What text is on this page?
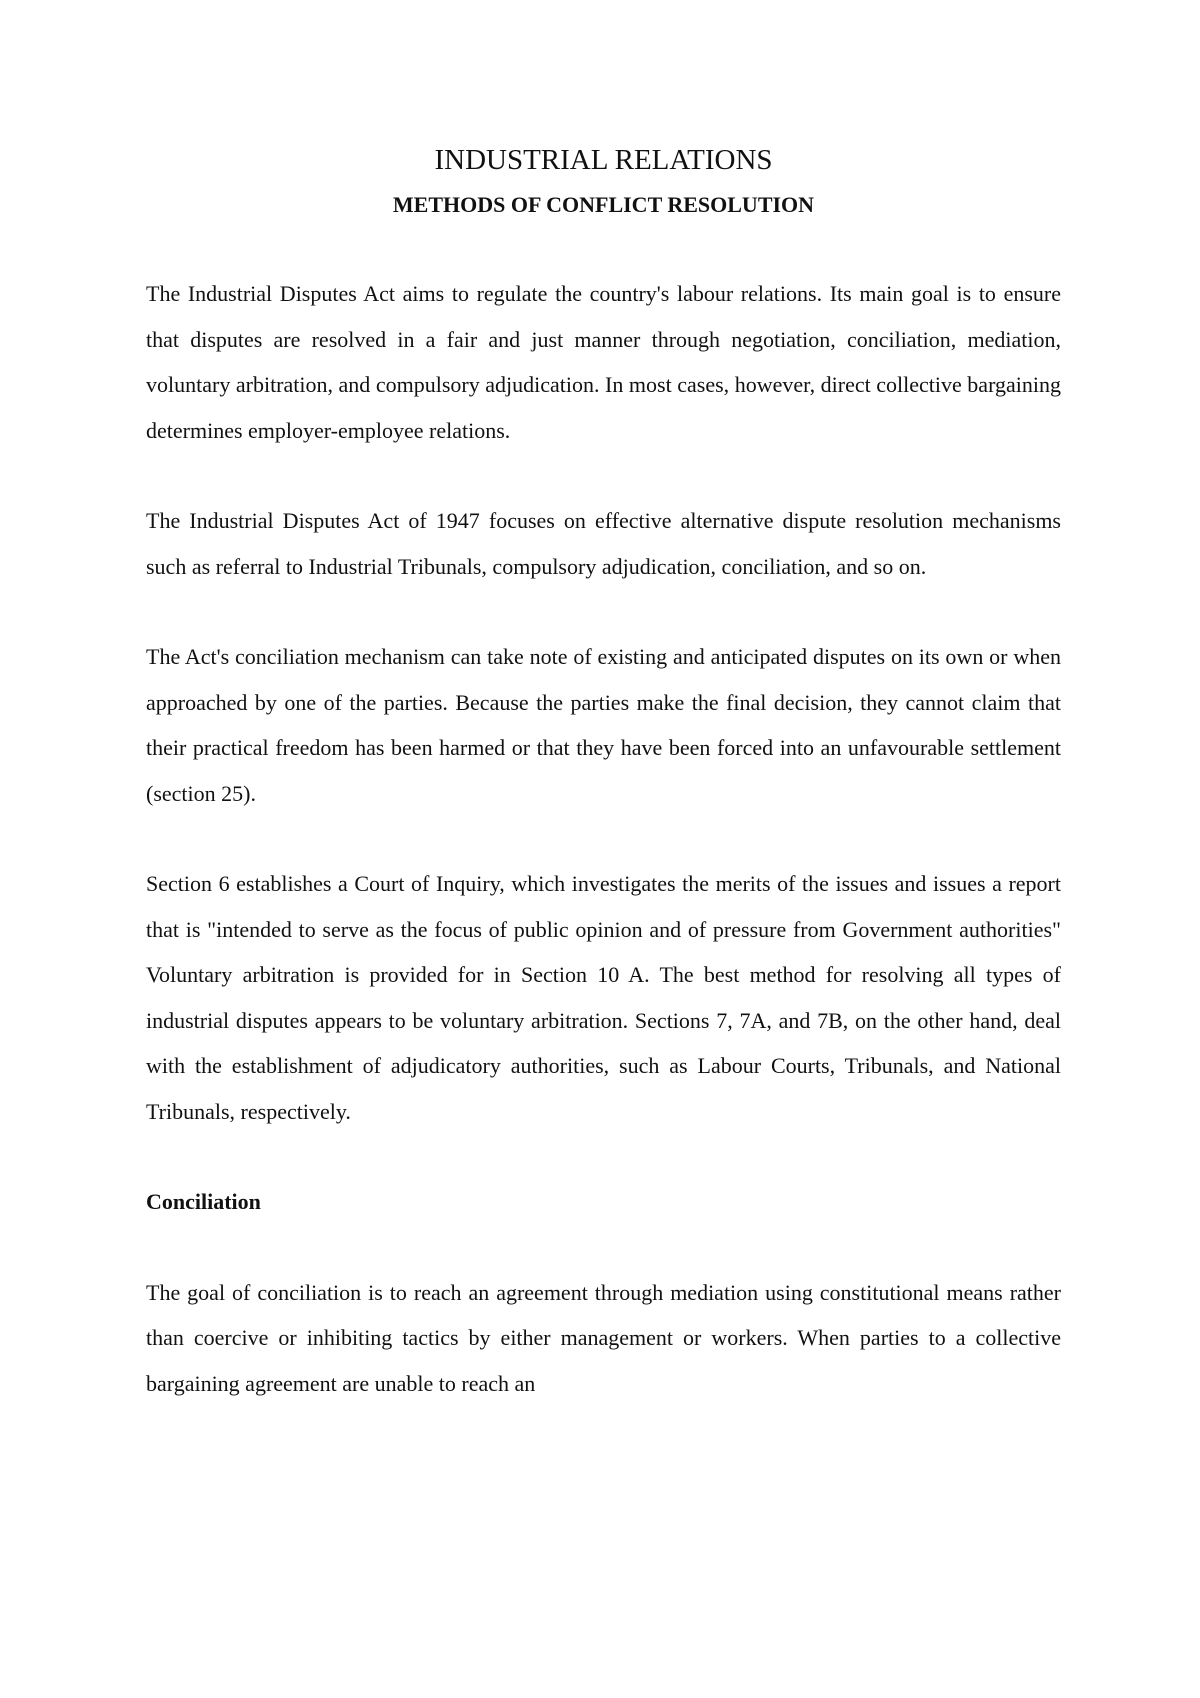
INDUSTRIAL RELATIONS
METHODS OF CONFLICT RESOLUTION

The Industrial Disputes Act aims to regulate the country's labour relations. Its main goal is to ensure that disputes are resolved in a fair and just manner through negotiation, conciliation, mediation, voluntary arbitration, and compulsory adjudication. In most cases, however, direct collective bargaining determines employer-employee relations.

The Industrial Disputes Act of 1947 focuses on effective alternative dispute resolution mechanisms such as referral to Industrial Tribunals, compulsory adjudication, conciliation, and so on.

The Act's conciliation mechanism can take note of existing and anticipated disputes on its own or when approached by one of the parties. Because the parties make the final decision, they cannot claim that their practical freedom has been harmed or that they have been forced into an unfavourable settlement (section 25).

Section 6 establishes a Court of Inquiry, which investigates the merits of the issues and issues a report that is "intended to serve as the focus of public opinion and of pressure from Government authorities" Voluntary arbitration is provided for in Section 10 A. The best method for resolving all types of industrial disputes appears to be voluntary arbitration. Sections 7, 7A, and 7B, on the other hand, deal with the establishment of adjudicatory authorities, such as Labour Courts, Tribunals, and National Tribunals, respectively.

Conciliation

The goal of conciliation is to reach an agreement through mediation using constitutional means rather than coercive or inhibiting tactics by either management or workers. When parties to a collective bargaining agreement are unable to reach an
